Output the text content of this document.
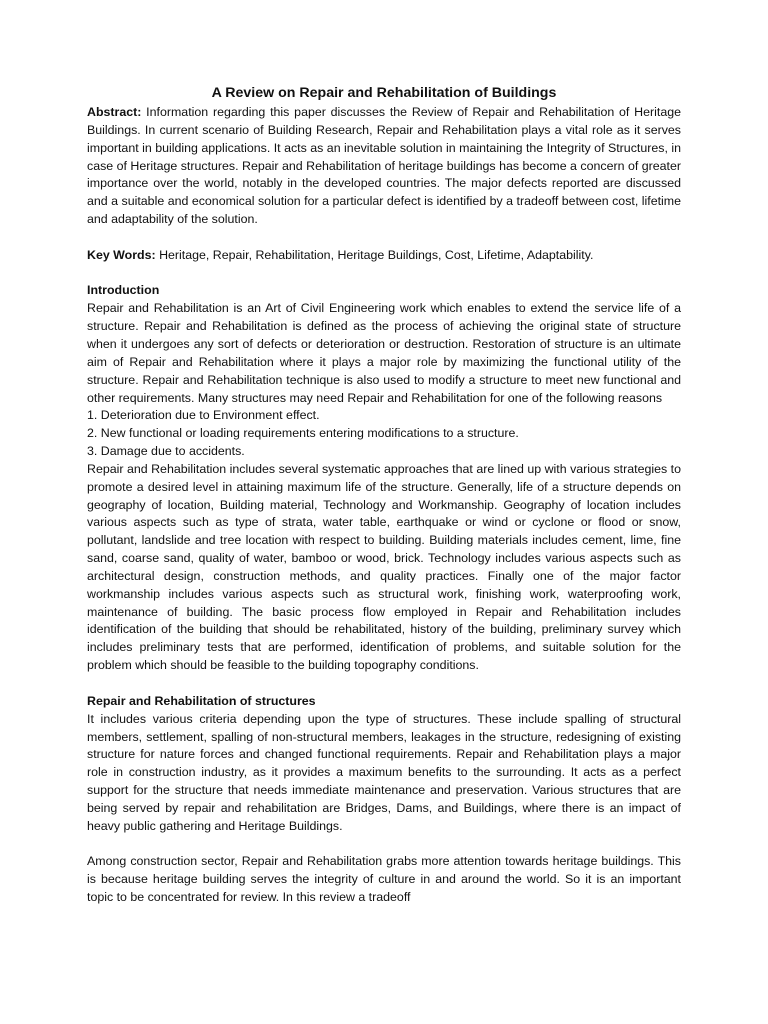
A Review on Repair and Rehabilitation of Buildings

Abstract: Information regarding this paper discusses the Review of Repair and Rehabilitation of Heritage Buildings. In current scenario of Building Research, Repair and Rehabilitation plays a vital role as it serves important in building applications. It acts as an inevitable solution in maintaining the Integrity of Structures, in case of Heritage structures. Repair and Rehabilitation of heritage buildings has become a concern of greater importance over the world, notably in the developed countries. The major defects reported are discussed and a suitable and economical solution for a particular defect is identified by a tradeoff between cost, lifetime and adaptability of the solution.

Key Words: Heritage, Repair, Rehabilitation, Heritage Buildings, Cost, Lifetime, Adaptability.

Introduction

Repair and Rehabilitation is an Art of Civil Engineering work which enables to extend the service life of a structure. Repair and Rehabilitation is defined as the process of achieving the original state of structure when it undergoes any sort of defects or deterioration or destruction. Restoration of structure is an ultimate aim of Repair and Rehabilitation where it plays a major role by maximizing the functional utility of the structure. Repair and Rehabilitation technique is also used to modify a structure to meet new functional and other requirements. Many structures may need Repair and Rehabilitation for one of the following reasons

1. Deterioration due to Environment effect.
2. New functional or loading requirements entering modifications to a structure.
3. Damage due to accidents.

Repair and Rehabilitation includes several systematic approaches that are lined up with various strategies to promote a desired level in attaining maximum life of the structure. Generally, life of a structure depends on geography of location, Building material, Technology and Workmanship. Geography of location includes various aspects such as type of strata, water table, earthquake or wind or cyclone or flood or snow, pollutant, landslide and tree location with respect to building. Building materials includes cement, lime, fine sand, coarse sand, quality of water, bamboo or wood, brick. Technology includes various aspects such as architectural design, construction methods, and quality practices. Finally one of the major factor workmanship includes various aspects such as structural work, finishing work, waterproofing work, maintenance of building. The basic process flow employed in Repair and Rehabilitation includes identification of the building that should be rehabilitated, history of the building, preliminary survey which includes preliminary tests that are performed, identification of problems, and suitable solution for the problem which should be feasible to the building topography conditions.

Repair and Rehabilitation of structures

It includes various criteria depending upon the type of structures. These include spalling of structural members, settlement, spalling of non-structural members, leakages in the structure, redesigning of existing structure for nature forces and changed functional requirements. Repair and Rehabilitation plays a major role in construction industry, as it provides a maximum benefits to the surrounding. It acts as a perfect support for the structure that needs immediate maintenance and preservation. Various structures that are being served by repair and rehabilitation are Bridges, Dams, and Buildings, where there is an impact of heavy public gathering and Heritage Buildings.

Among construction sector, Repair and Rehabilitation grabs more attention towards heritage buildings. This is because heritage building serves the integrity of culture in and around the world. So it is an important topic to be concentrated for review. In this review a tradeoff
